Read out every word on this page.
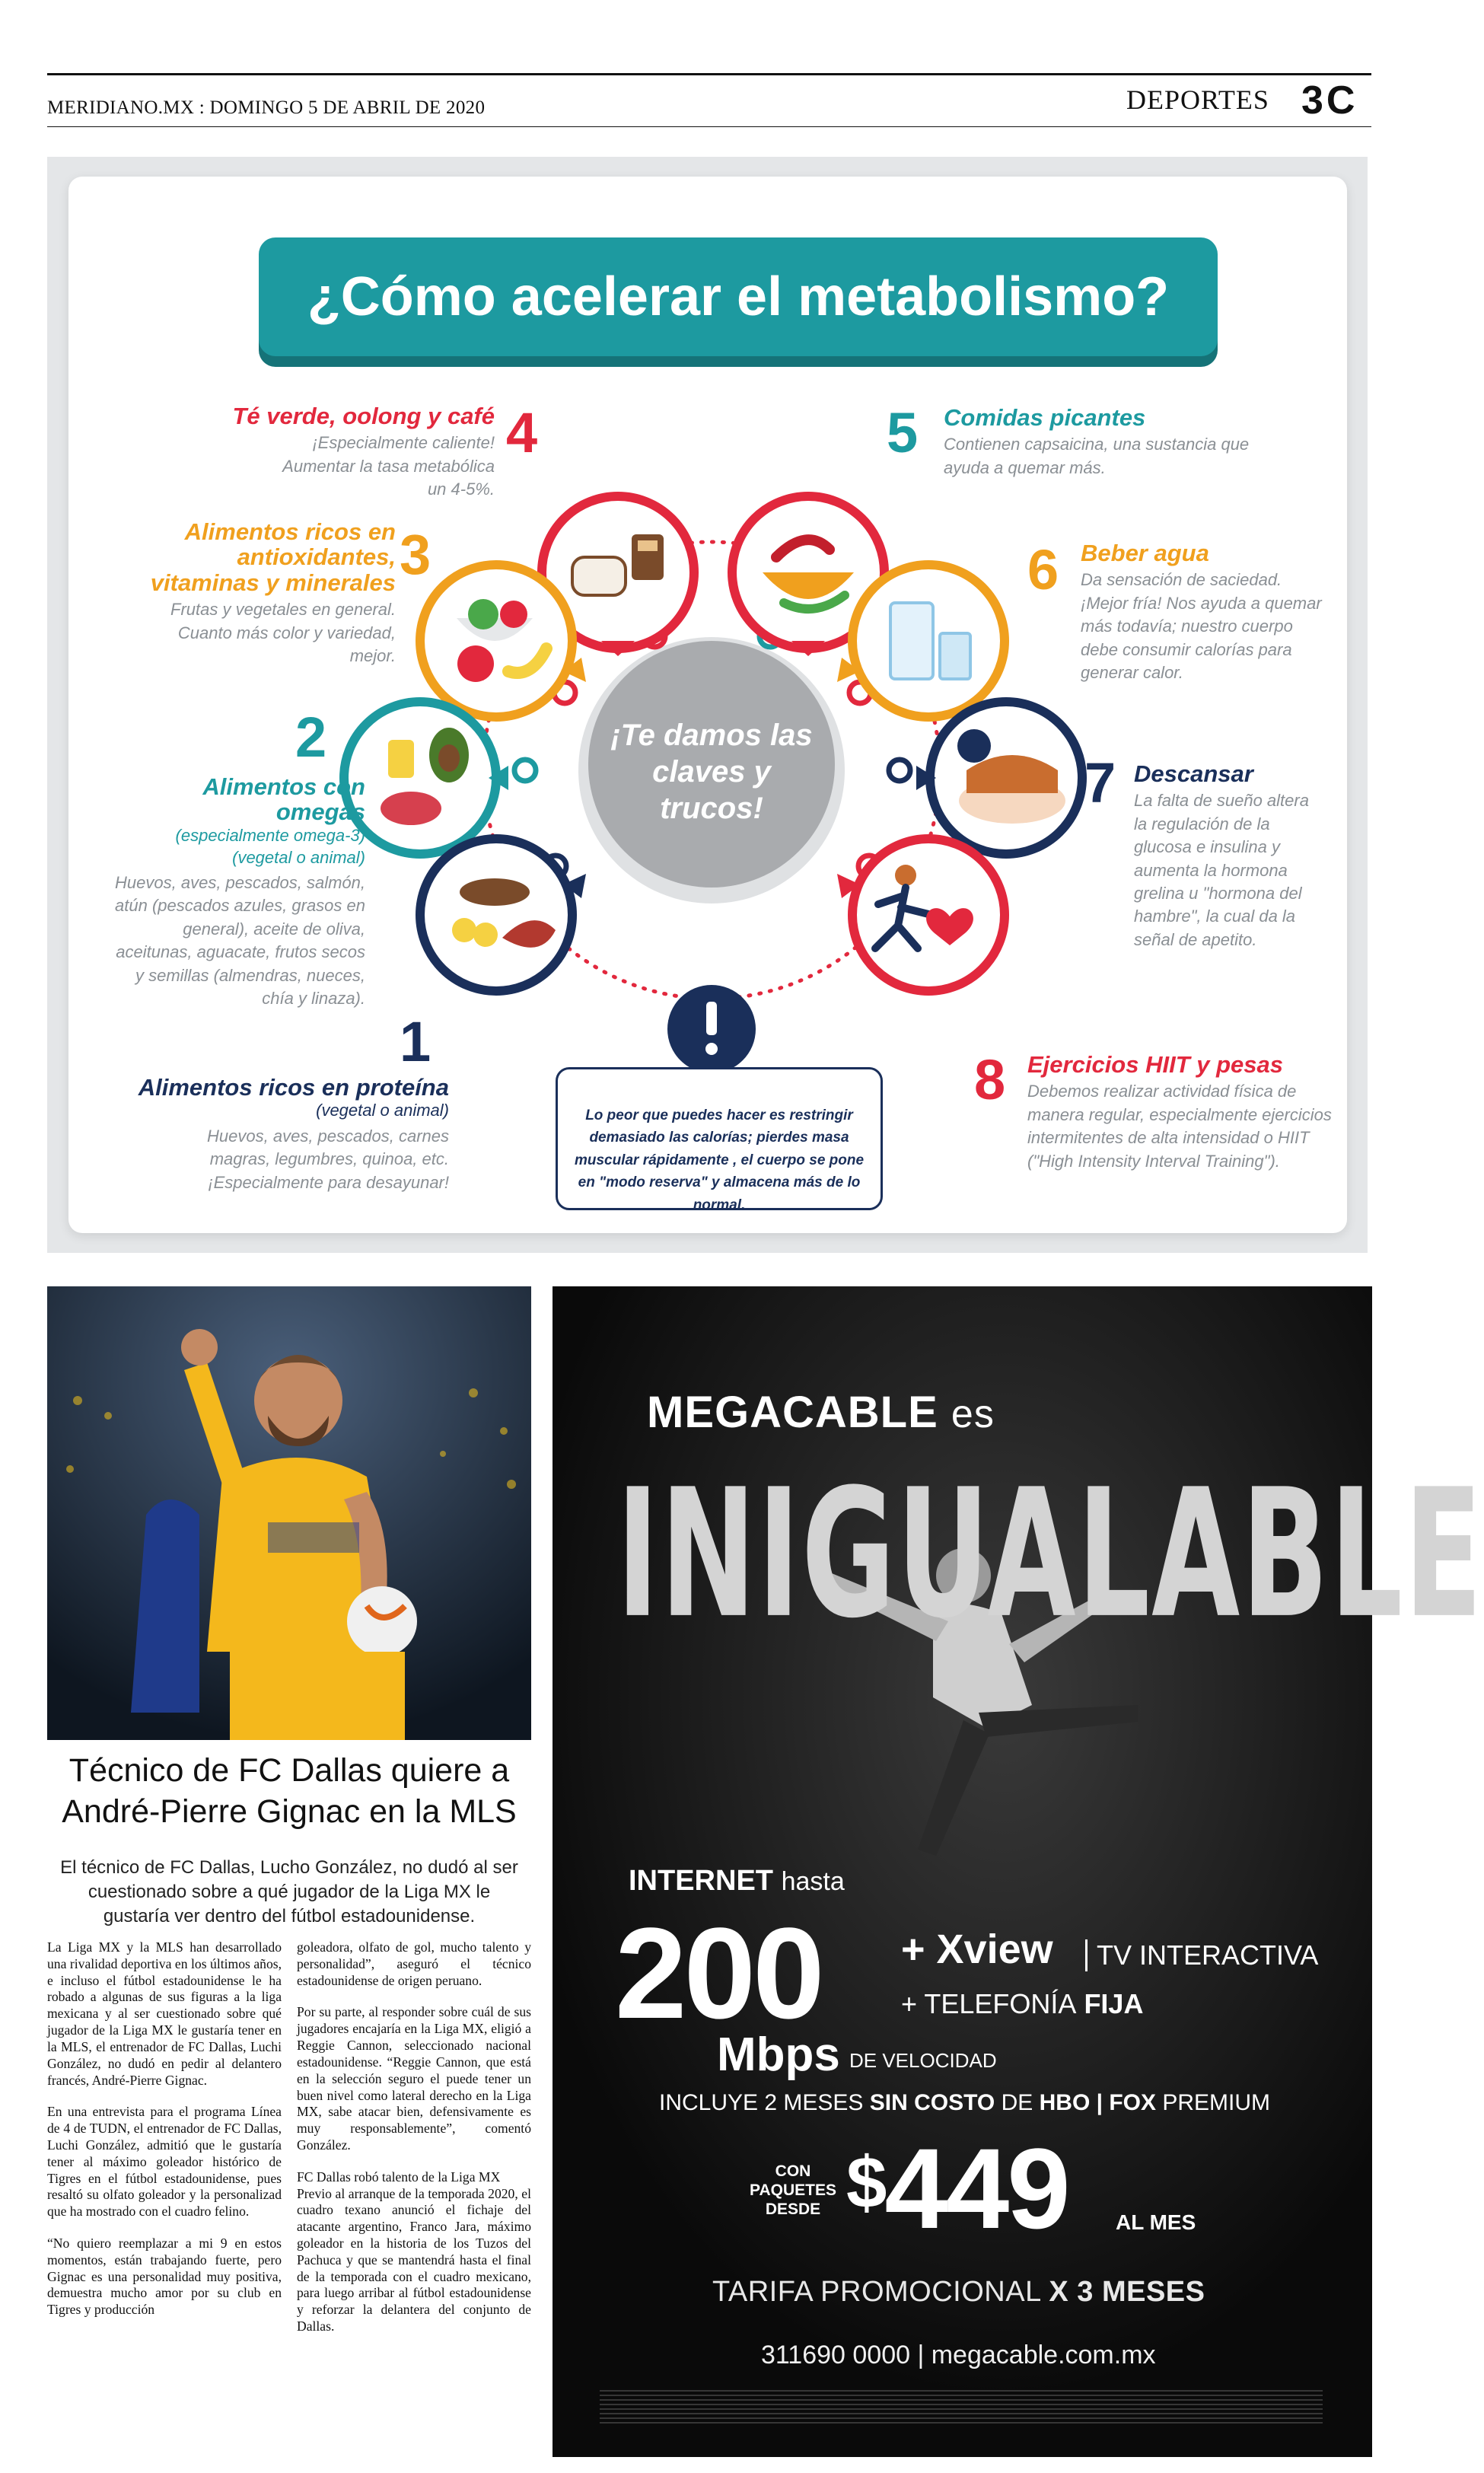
MERIDIANO.MX : DOMINGO 5 DE ABRIL DE 2020	DEPORTES 3C
¿Cómo acelerar el metabolismo?
¡Te damos las claves y trucos!
4
Té verde, oolong y café

¡Especialmente caliente! Aumentar la tasa metabólica un 4-5%.

5 Comidas picantes

Contienen capsaicina, una sustancia que ayuda a quemar más.

3
Alimentos ricos en antioxidantes, vitaminas y minerales

Frutas y vegetales en general. Cuanto más color y variedad, mejor.

6 Beber agua

Da sensación de saciedad. ¡Mejor fría! Nos ayuda a quemar más todavía; nuestro cuerpo debe consumir calorías para generar calor.

2
Alimentos con omegas
(especialmente omega-3) (vegetal o animal)

Huevos, aves, pescados, salmón, atún (pescados azules, grasos en general), aceite de oliva, aceitunas, aguacate, frutos secos y semillas (almendras, nueces, chía y linaza).

7 Descansar

La falta de sueño altera la regulación de la glucosa e insulina y aumenta la hormona grelina u "hormona del hambre", la cual da la señal de apetito.

1
Alimentos ricos en proteína
(vegetal o animal)

Huevos, aves, pescados, carnes magras, legumbres, quinoa, etc. ¡Especialmente para desayunar!

8 Ejercicios HIIT y pesas

Debemos realizar actividad física de manera regular, especialmente ejercicios intermitentes de alta intensidad o HIIT ("High Intensity Interval Training").

Lo peor que puedes hacer es restringir demasiado las calorías; pierdes masa muscular rápidamente , el cuerpo se pone en "modo reserva" y almacena más de lo normal.
Técnico de FC Dallas quiere a André-Pierre Gignac en la MLS
El técnico de FC Dallas, Lucho González, no dudó al ser cuestionado sobre a qué jugador de la Liga MX le gustaría ver dentro del fútbol estadounidense.

La Liga MX y la MLS han desarrollado una rivalidad deportiva en los últimos años, e incluso el fútbol estadounidense le ha robado a algunas de sus figuras a la liga mexicana y al ser cuestionado sobre qué jugador de la Liga MX le gustaría tener en la MLS, el entrenador de FC Dallas, Luchi González, no dudó en pedir al delantero francés, André-Pierre Gignac.

En una entrevista para el programa Línea de 4 de TUDN, el entrenador de FC Dallas, Luchi González, admitió que le gustaría tener al máximo goleador histórico de Tigres en el fútbol estadounidense, pues resaltó su olfato goleador y la personalizad que ha mostrado con el cuadro felino.

“No quiero reemplazar a mi 9 en estos momentos, están trabajando fuerte, pero Gignac es una personalidad muy positiva, demuestra mucho amor por su club en Tigres y producción

goleadora, olfato de gol, mucho talento y personalidad”, aseguró el técnico estadounidense de origen peruano.

Por su parte, al responder sobre cuál de sus jugadores encajaría en la Liga MX, eligió a Reggie Cannon, seleccionado nacional estadounidense. “Reggie Cannon, que está en la selección seguro el puede tener un buen nivel como lateral derecho en la Liga MX, sabe atacar bien, defensivamente es muy responsablemente”, comentó González.

FC Dallas robó talento de la Liga MX

Previo al arranque de la temporada 2020, el cuadro texano anunció el fichaje del atacante argentino, Franco Jara, máximo goleador en la historia de los Tuzos del Pachuca y que se mantendrá hasta el final de la temporada con el cuadro mexicano, para luego arribar al fútbol estadounidense y reforzar la delantera del conjunto de Dallas.

MEGACABLE es
INIGUALABLE
INTERNET hasta
200
Mbps DE VELOCIDAD
+ Xview	TV INTERACTIVA
+ TELEFONÍA FIJA
INCLUYE 2 MESES SIN COSTO DE HBO | FOX PREMIUM
CON PAQUETES DESDE $449 AL MES
TARIFA PROMOCIONAL X 3 MESES
311690 0000 | megacable.com.mx
